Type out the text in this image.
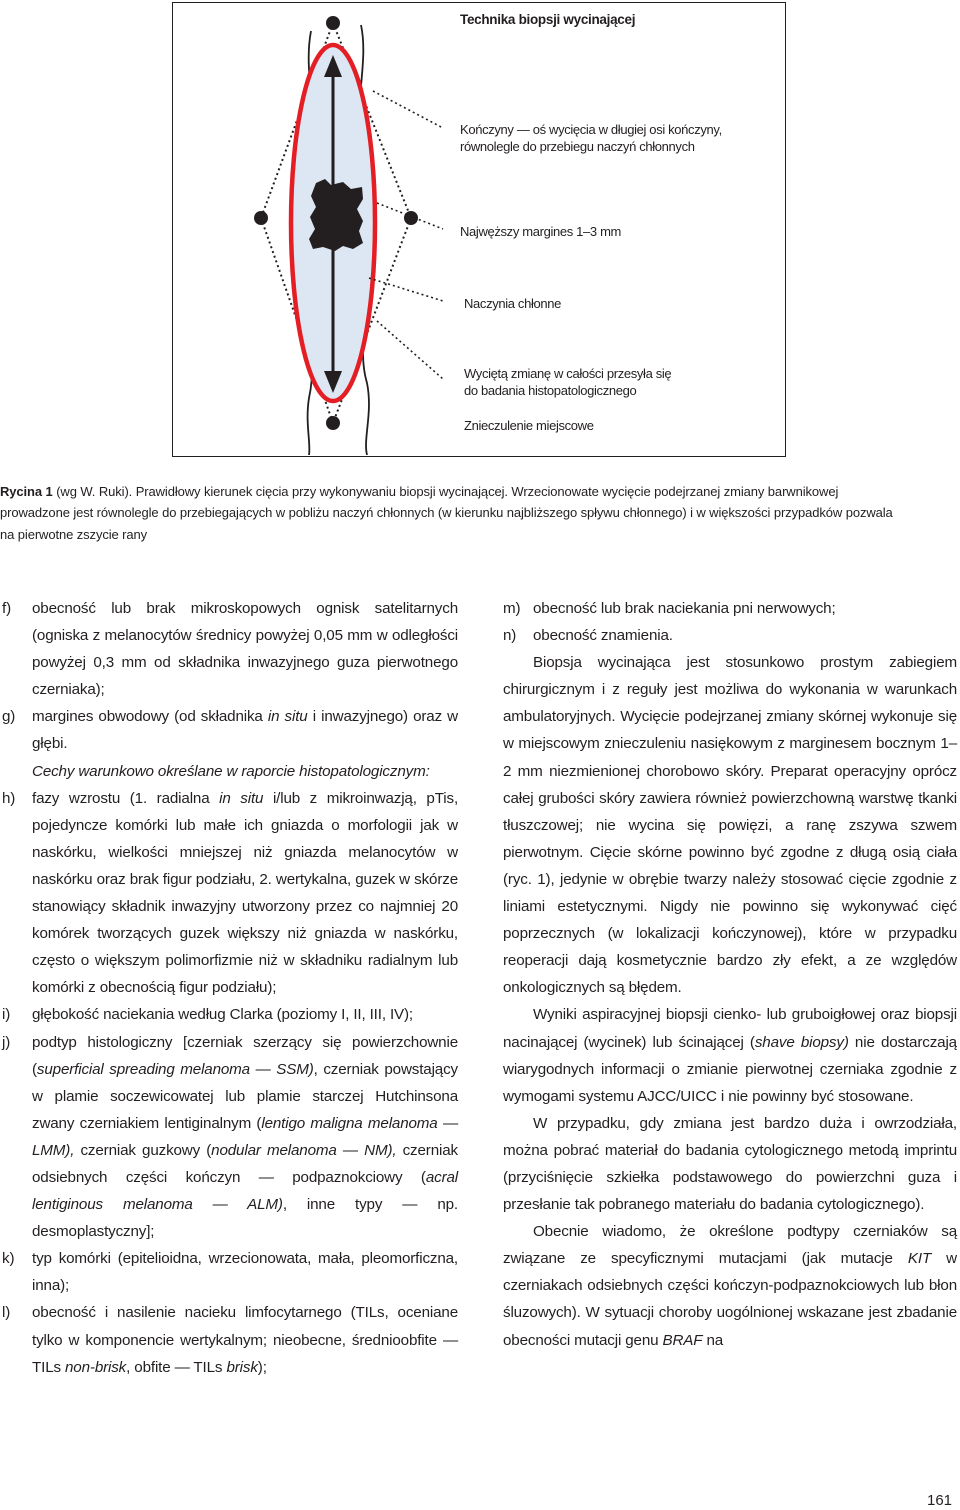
Technika biopsji wycinającej
Kończyny — oś wycięcia w długiej osi kończyny,
równolegle do przebiegu naczyń chłonnych
Najwęższy margines 1–3 mm
Naczynia chłonne
Wyciętą zmianę w całości przesyła się
do badania histopatologicznego
Znieczulenie miejscowe
Rycina 1 (wg W. Ruki). Prawidłowy kierunek cięcia przy wykonywaniu biopsji wycinającej. Wrzecionowate wycięcie podejrzanej zmiany barwnikowej prowadzone jest równolegle do przebiegających w pobliżu naczyń chłonnych (w kierunku najbliższego spływu chłonnego) i w większości przypadków pozwala na pierwotne zszycie rany
f) obecność lub brak mikroskopowych ognisk satelitarnych (ogniska z melanocytów średnicy powyżej 0,05 mm w odległości powyżej 0,3 mm od składnika inwazyjnego guza pierwotnego czerniaka);
g) margines obwodowy (od składnika in situ i inwazyjnego) oraz w głębi.
Cechy warunkowo określane w raporcie histopatologicznym:
h) fazy wzrostu (1. radialna in situ i/lub z mikroinwazją, pTis, pojedyncze komórki lub małe ich gniazda o morfologii jak w naskórku, wielkości mniejszej niż gniazda melanocytów w naskórku oraz brak figur podziału, 2. wertykalna, guzek w skórze stanowiący składnik inwazyjny utworzony przez co najmniej 20 komórek tworzących guzek większy niż gniazda w naskórku, często o większym polimorfizmie niż w składniku radialnym lub komórki z obecnością figur podziału);
i) głębokość naciekania według Clarka (poziomy I, II, III, IV);
j) podtyp histologiczny [czerniak szerzący się powierzchownie (superficial spreading melanoma — SSM), czerniak powstający w plamie soczewicowatej lub plamie starczej Hutchinsona zwany czerniakiem lentiginalnym (lentigo maligna melanoma — LMM), czerniak guzkowy (nodular melanoma — NM), czerniak odsiebnych części kończyn — podpaznokciowy (acral lentiginous melanoma — ALM), inne typy — np. desmoplastyczny];
k) typ komórki (epitelioidna, wrzecionowata, mała, pleomorficzna, inna);
l) obecność i nasilenie nacieku limfocytarnego (TILs, oceniane tylko w komponencie wertykalnym; nieobecne, średnioobfite — TILs non-brisk, obfite — TILs brisk);
m) obecność lub brak naciekania pni nerwowych;
n) obecność znamienia.
Biopsja wycinająca jest stosunkowo prostym zabiegiem chirurgicznym i z reguły jest możliwa do wykonania w warunkach ambulatoryjnych. Wycięcie podejrzanej zmiany skórnej wykonuje się w miejscowym znieczuleniu nasiękowym z marginesem bocznym 1–2 mm niezmienionej chorobowo skóry. Preparat operacyjny oprócz całej grubości skóry zawiera również powierzchowną warstwę tkanki tłuszczowej; nie wycina się powięzi, a ranę zszywa szwem pierwotnym. Cięcie skórne powinno być zgodne z długą osią ciała (ryc. 1), jedynie w obrębie twarzy należy stosować cięcie zgodnie z liniami estetycznymi. Nigdy nie powinno się wykonywać cięć poprzecznych (w lokalizacji kończynowej), które w przypadku reoperacji dają kosmetycznie bardzo zły efekt, a ze względów onkologicznych są błędem.
Wyniki aspiracyjnej biopsji cienko- lub gruboigłowej oraz biopsji nacinającej (wycinek) lub ścinającej (shave biopsy) nie dostarczają wiarygodnych informacji o zmianie pierwotnej czerniaka zgodnie z wymogami systemu AJCC/UICC i nie powinny być stosowane.
W przypadku, gdy zmiana jest bardzo duża i owrzodziała, można pobrać materiał do badania cytologicznego metodą imprintu (przyciśnięcie szkiełka podstawowego do powierzchni guza i przesłanie tak pobranego materiału do badania cytologicznego).
Obecnie wiadomo, że określone podtypy czerniaków są związane ze specyficznymi mutacjami (jak mutacje KIT w czerniakach odsiebnych części kończyn-podpaznokciowych lub błon śluzowych). W sytuacji choroby uogólnionej wskazane jest zbadanie obecności mutacji genu BRAF na
161
